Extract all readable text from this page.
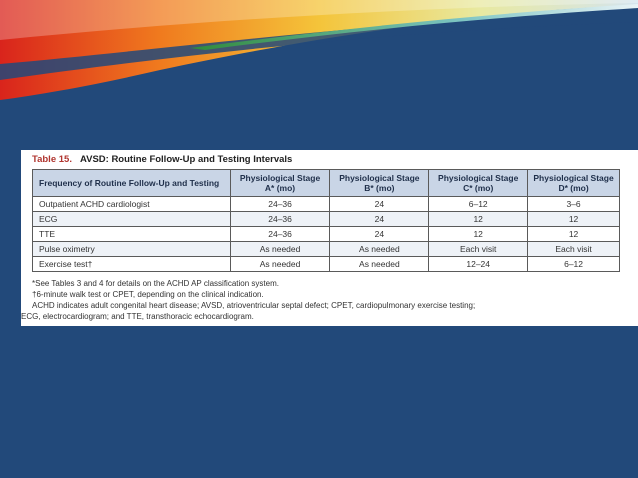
Table 15. AVSD: Routine Follow-Up and Testing Intervals
Frequency of Routine Follow-Up and Testing	Physiological Stage A* (mo)	Physiological Stage B* (mo)	Physiological Stage C* (mo)	Physiological Stage D* (mo)
Outpatient ACHD cardiologist	24–36	24	6–12	3–6
ECG	24–36	24	12	12
TTE	24–36	24	12	12
Pulse oximetry	As needed	As needed	Each visit	Each visit
Exercise test†	As needed	As needed	12–24	6–12
*See Tables 3 and 4 for details on the ACHD AP classification system.
†6-minute walk test or CPET, depending on the clinical indication.
ACHD indicates adult congenital heart disease; AVSD, atrioventricular septal defect; CPET, cardiopulmonary exercise testing;
ECG, electrocardiogram; and TTE, transthoracic echocardiogram.
